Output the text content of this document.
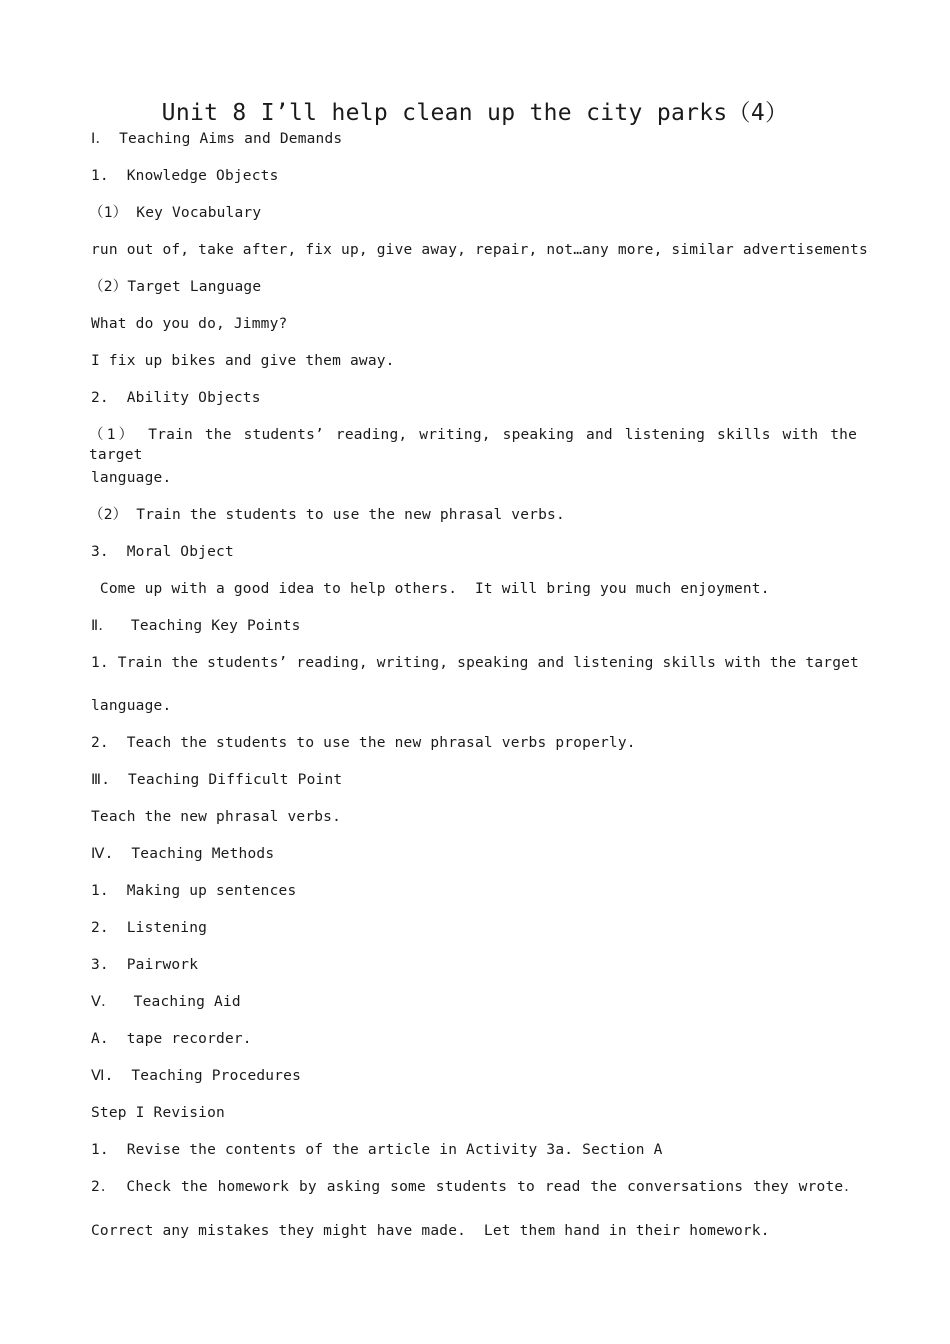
Unit 8 I’ll help clean up the city parks（4）
Ⅰ． Teaching Aims and Demands
1.  Knowledge Objects
（1） Key Vocabulary
run out of, take after, fix up, give away, repair, not…any more, similar advertisements
（2）Target Language
What do you do, Jimmy?
I fix up bikes and give them away.
2.  Ability Objects
（1） Train the students’ reading, writing, speaking and listening skills with the target
language.
（2） Train the students to use the new phrasal verbs.
3.  Moral Object
Come up with a good idea to help others.  It will bring you much enjoyment.
Ⅱ．  Teaching Key Points
1. Train the students’ reading, writing, speaking and listening skills with the target
language.
2.  Teach the students to use the new phrasal verbs properly.
Ⅲ.  Teaching Difficult Point
Teach the new phrasal verbs.
Ⅳ.  Teaching Methods
1.  Making up sentences
2.  Listening
3.  Pairwork
Ⅴ．  Teaching Aid
A.  tape recorder.
Ⅵ.  Teaching Procedures
Step I Revision
1.  Revise the contents of the article in Activity 3a. Section A
2． Check the homework by asking some students to read the conversations they wrote．
Correct any mistakes they might have made.  Let them hand in their homework.
